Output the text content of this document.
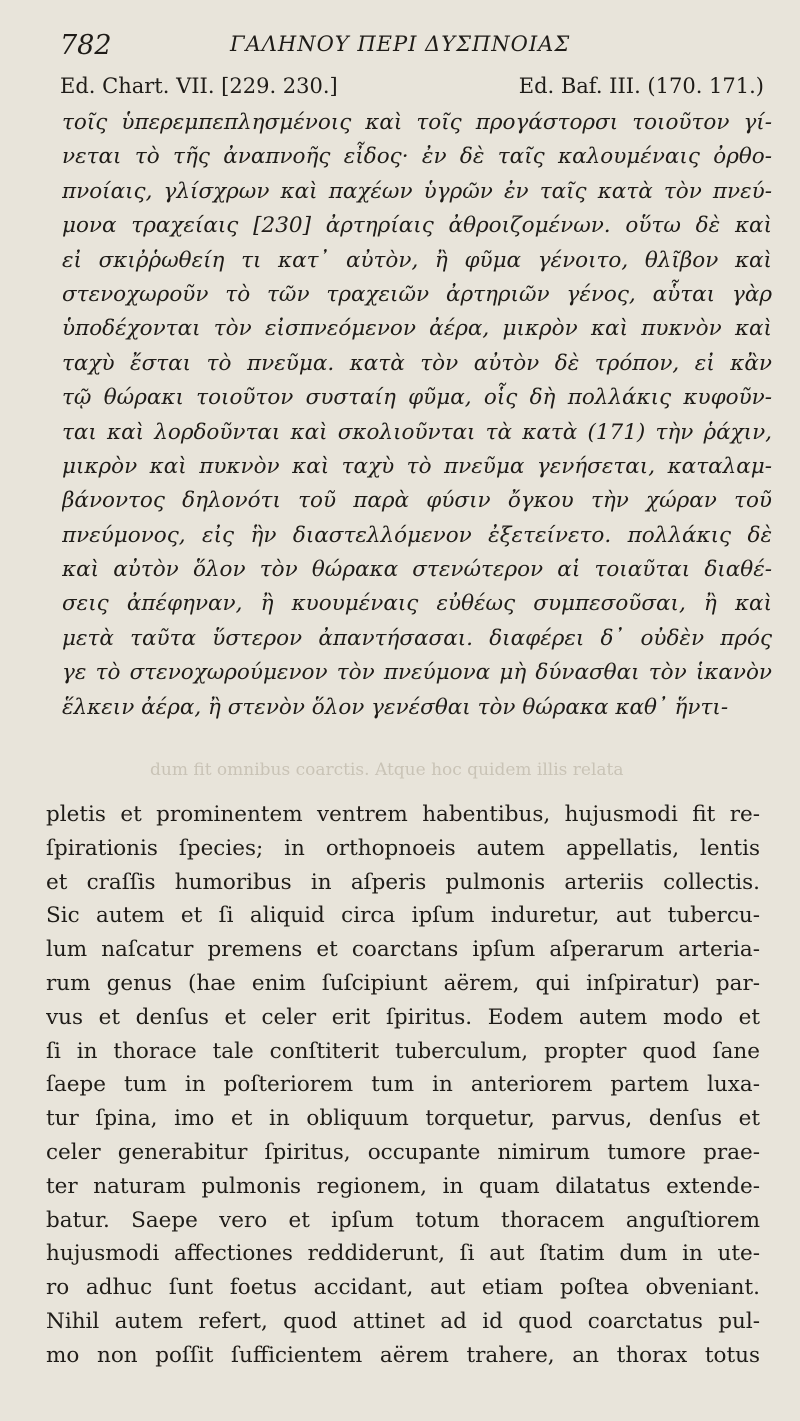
782	ΓΑΛΗΝΟΥ ΠΕΡΙ ΔΥΣΠΝΟΙΑΣ
Ed. Chart. VII. [229. 230.]	Ed. Baf. III. (170. 171.)
τοῖς ὑπερεμπεπλησμένοις καὶ τοῖς προγάστορσι τοιοῦτον γί-
νεται τὸ τῆς ἀναπνοῆς εἶδος· ἐν δὲ ταῖς καλουμέναις ὀρθο-
πνοίαις, γλίσχρων καὶ παχέων ὑγρῶν ἐν ταῖς κατὰ τὸν πνεύ-
μονα τραχείαις [230] ἀρτηρίαις ἀθροιζομένων. οὕτω δὲ καὶ
εἰ σκιῤῥωθείη τι κατ᾽ αὐτὸν, ἢ φῦμα γένοιτο, θλῖβον καὶ
στενοχωροῦν τὸ τῶν τραχειῶν ἀρτηριῶν γένος, αὗται γὰρ
ὑποδέχονται τὸν εἰσπνεόμενον ἀέρα, μικρὸν καὶ πυκνὸν καὶ
ταχὺ ἔσται τὸ πνεῦμα. κατὰ τὸν αὐτὸν δὲ τρόπον, εἰ κἂν
τῷ θώρακι τοιοῦτον συσταίη φῦμα, οἷς δὴ πολλάκις κυφοῦν-
ται καὶ λορδοῦνται καὶ σκολιοῦνται τὰ κατὰ (171) τὴν ῥάχιν,
μικρὸν καὶ πυκνὸν καὶ ταχὺ τὸ πνεῦμα γενήσεται, καταλαμ-
βάνοντος δηλονότι τοῦ παρὰ φύσιν ὄγκου τὴν χώραν τοῦ
πνεύμονος, εἰς ἣν διαστελλόμενον ἐξετείνετο. πολλάκις δὲ
καὶ αὐτὸν ὅλον τὸν θώρακα στενώτερον αἱ τοιαῦται διαθέ-
σεις ἀπέφηναν, ἢ κυουμέναις εὐθέως συμπεσοῦσαι, ἢ καὶ
μετὰ ταῦτα ὕστερον ἀπαντήσασαι. διαφέρει δ᾽ οὐδὲν πρός
γε τὸ στενοχωρούμενον τὸν πνεύμονα μὴ δύνασθαι τὸν ἱκανὸν
ἕλκειν ἀέρα, ἢ στενὸν ὅλον γενέσθαι τὸν θώρακα καθ᾽ ἥντι-
dum fit omnibus coarctis. Atque hoc quidem illis relata
pletis et prominentem ventrem habentibus, hujusmodi fit re-
ſpirationis ſpecies; in orthopnoeis autem appellatis, lentis
et craſſis humoribus in aſperis pulmonis arteriis collectis.
Sic autem et ſi aliquid circa ipſum induretur, aut tubercu-
lum naſcatur premens et coarctans ipſum aſperarum arteria-
rum genus (hae enim ſuſcipiunt aërem, qui inſpiratur) par-
vus et denſus et celer erit ſpiritus. Eodem autem modo et
ſi in thorace tale conſtiterit tuberculum, propter quod ſane
ſaepe tum in poſteriorem tum in anteriorem partem luxa-
tur ſpina, imo et in obliquum torquetur, parvus, denſus et
celer generabitur ſpiritus, occupante nimirum tumore prae-
ter naturam pulmonis regionem, in quam dilatatus extende-
batur. Saepe vero et ipſum totum thoracem anguſtiorem
hujusmodi affectiones reddiderunt, ſi aut ſtatim dum in ute-
ro adhuc ſunt foetus accidant, aut etiam poſtea obveniant.
Nihil autem refert, quod attinet ad id quod coarctatus pul-
mo non poſſit ſufficientem aërem trahere, an thorax totus
